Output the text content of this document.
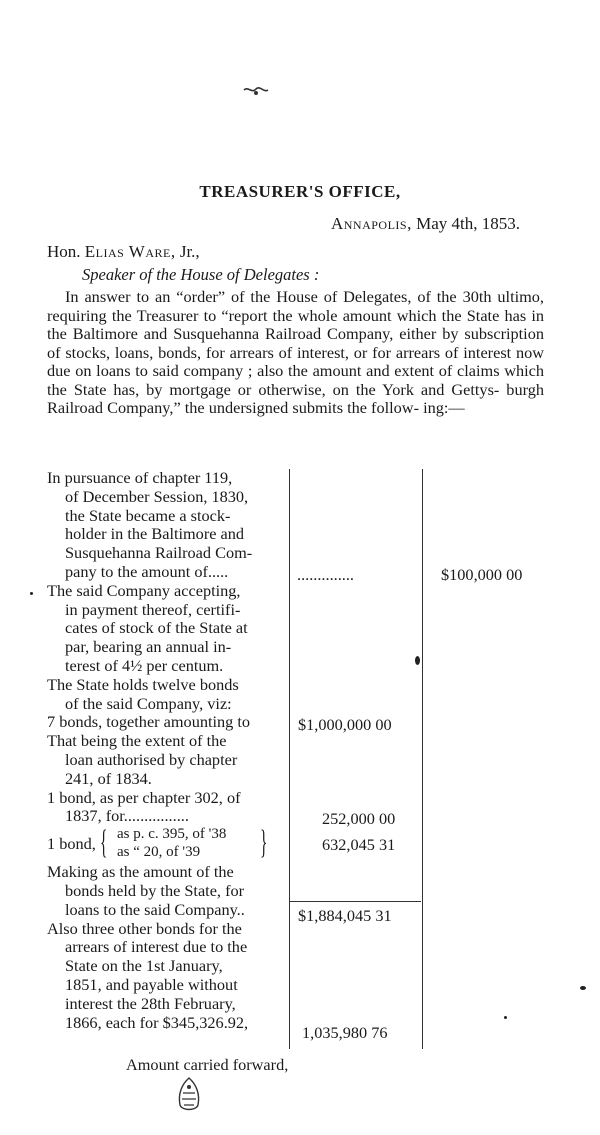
TREASURER'S OFFICE,
Annapolis, May 4th, 1853.
Hon. Elias Ware, Jr.,
Speaker of the House of Delegates :

In answer to an “order” of the House of Delegates, of the 30th ultimo, requiring the Treasurer to “report the whole amount which the State has in the Baltimore and Susquehanna Railroad Company, either by subscription of stocks, loans, bonds, for arrears of interest, or for arrears of interest now due on loans to said company ; also the amount and extent of claims which the State has, by mortgage or otherwise, on the York and Gettys- burgh Railroad Company,” the undersigned submits the follow- ing:—

In pursuance of chapter 119,
of December Session, 1830,
the State became a stock-
holder in the Baltimore and
Susquehanna Railroad Com-
pany to the amount of.....
The said Company accepting,
in payment thereof, certifi-
cates of stock of the State at
par, bearing an annual in-
terest of 4½ per centum.
The State holds twelve bonds
of the said Company, viz:
7 bonds, together amounting to
That being the extent of the
loan authorised by chapter
241, of 1834.
1 bond, as per chapter 302, of
1837, for................
1 bond, { as p. c. 395, of '38
as “ 20, of '39	}
Making as the amount of the
bonds held by the State, for
loans to the said Company..
Also three other bonds for the
arrears of interest due to the
State on the 1st January,
1851, and payable without
interest the 28th February,
1866, each for $345,326.92,
..............	$100,000 00
$1,000,000 00
252,000 00
632,045 31
$1,884,045 31
1,035,980 76
Amount carried forward,
